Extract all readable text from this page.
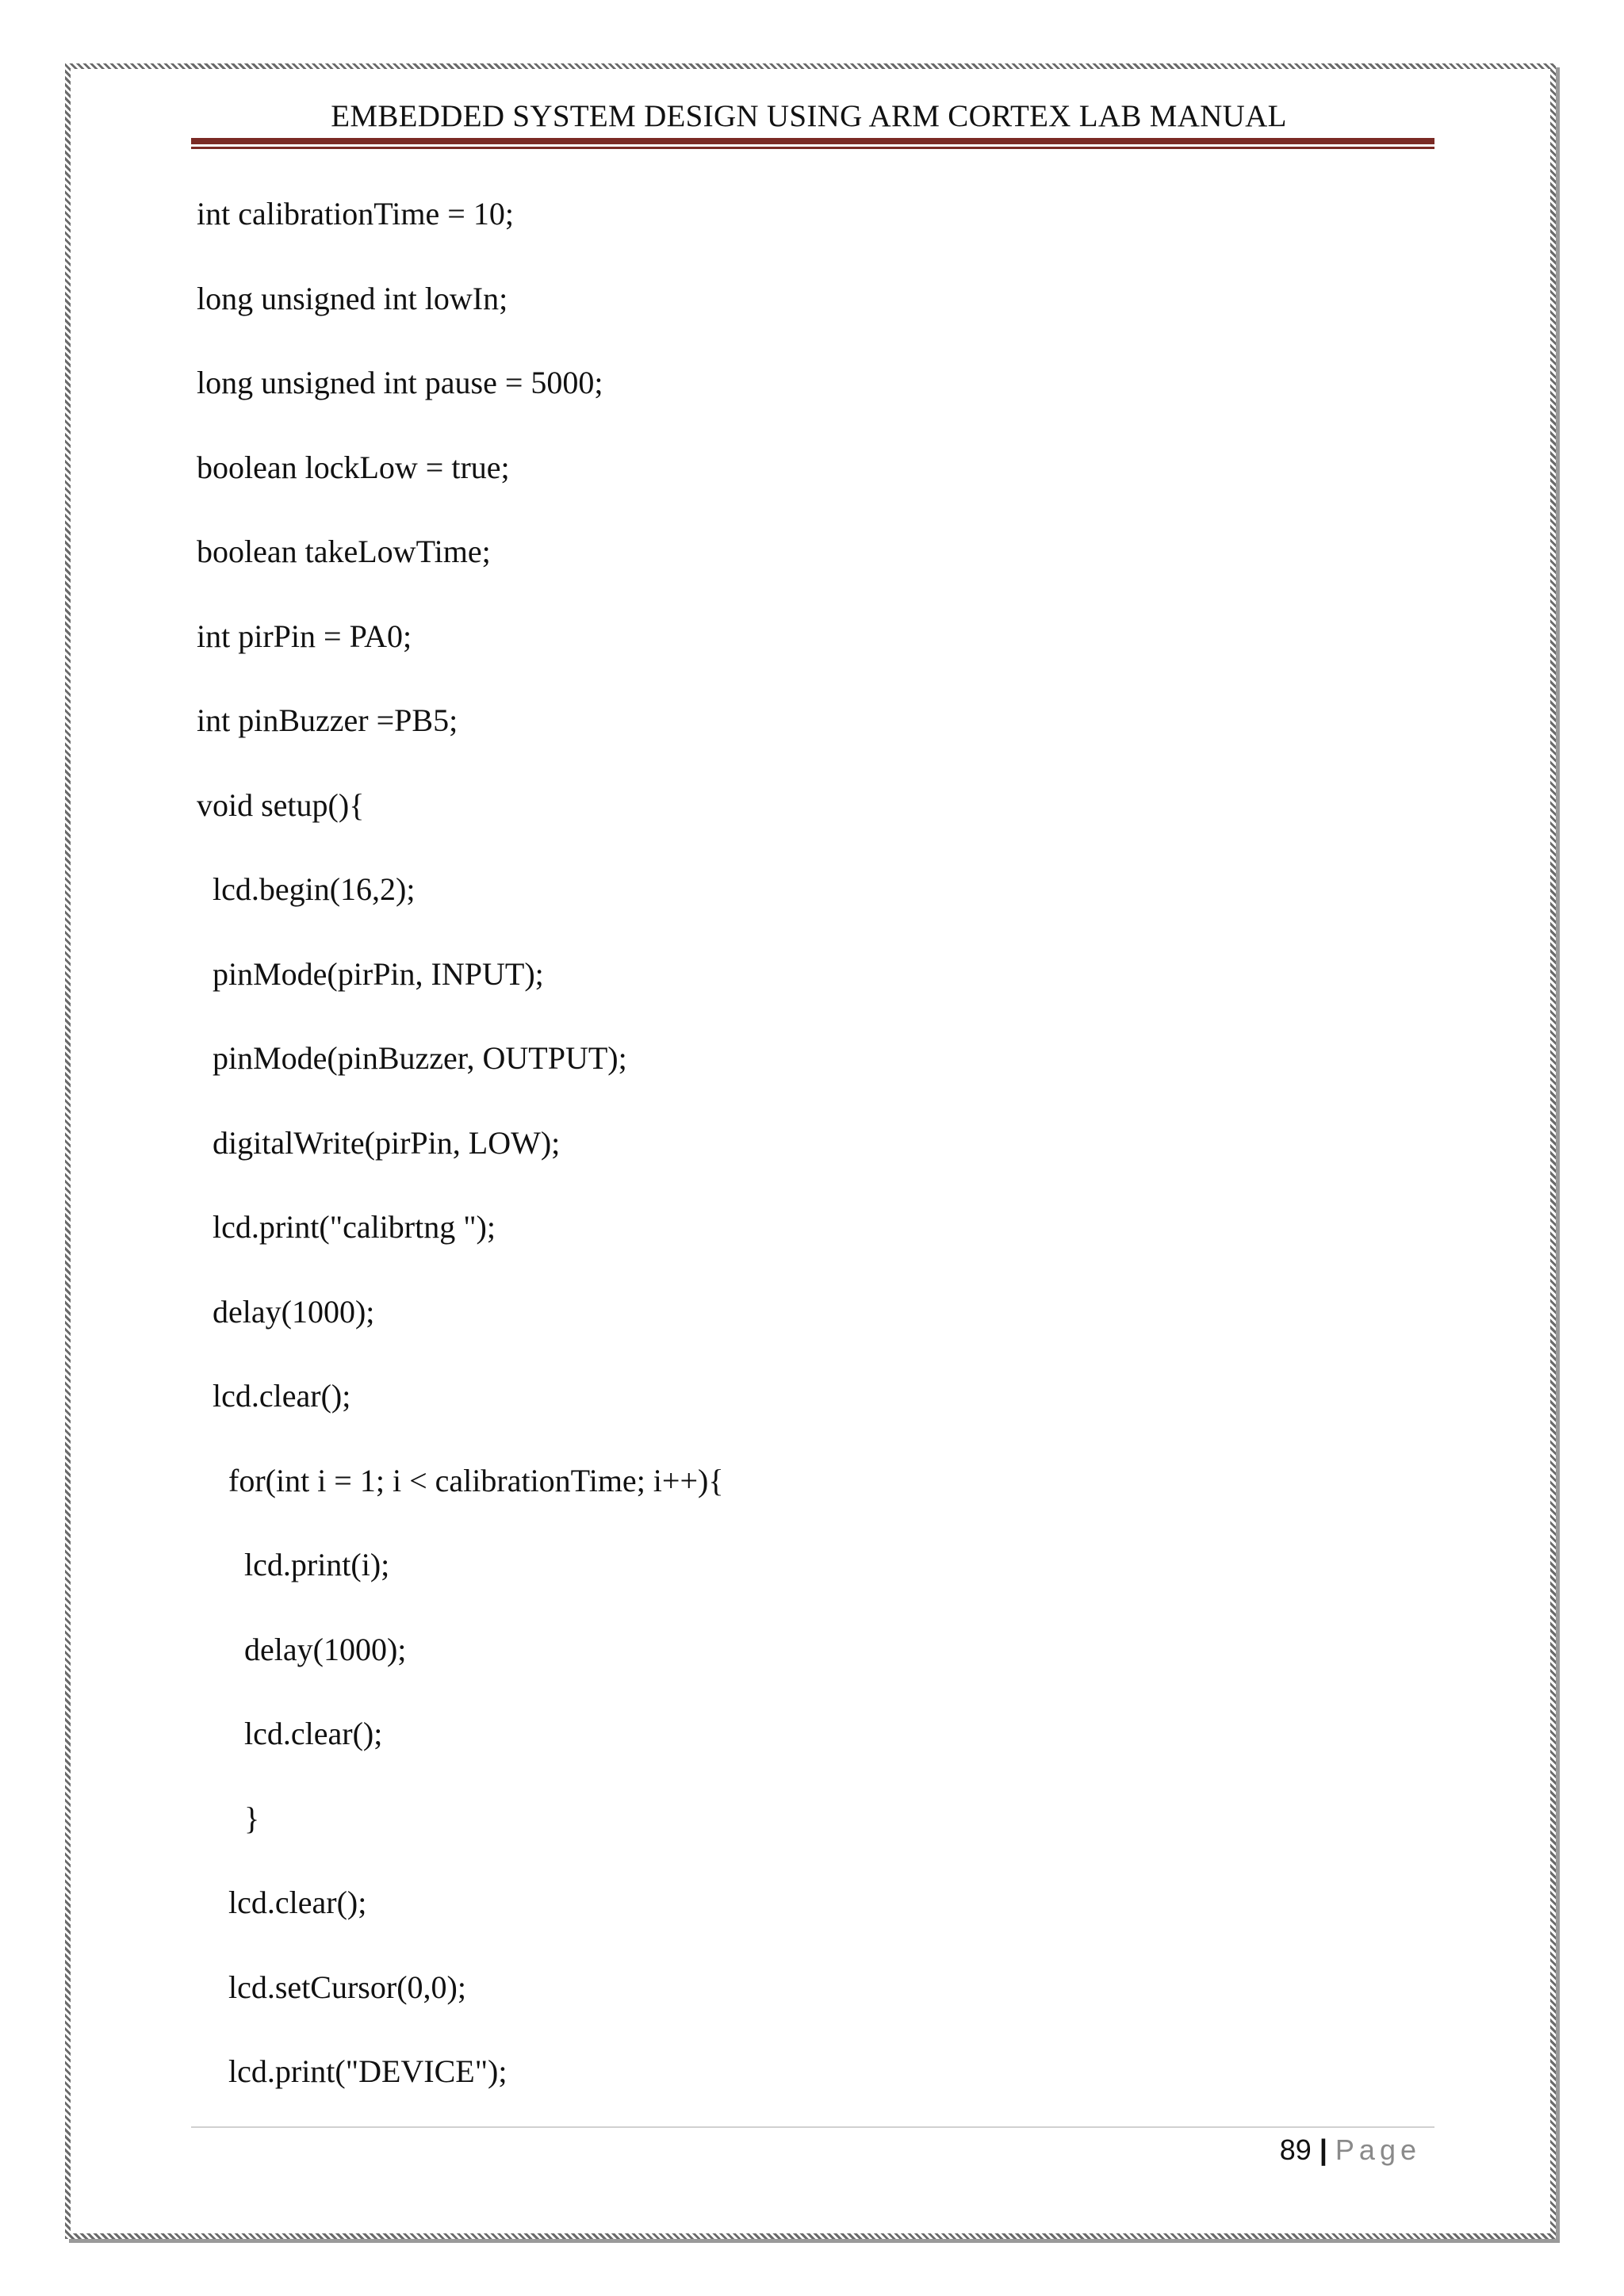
EMBEDDED SYSTEM DESIGN USING ARM CORTEX LAB MANUAL
int calibrationTime = 10;
long unsigned int lowIn;
long unsigned int pause = 5000;
boolean lockLow = true;
boolean takeLowTime;
int pirPin = PA0;
int pinBuzzer =PB5;
void setup(){
lcd.begin(16,2);
pinMode(pirPin, INPUT);
pinMode(pinBuzzer, OUTPUT);
digitalWrite(pirPin, LOW);
lcd.print("calibrtng ");
delay(1000);
lcd.clear();
for(int i = 1; i < calibrationTime; i++){
lcd.print(i);
delay(1000);
lcd.clear();
}
lcd.clear();
lcd.setCursor(0,0);
lcd.print("DEVICE");
89 | Page
